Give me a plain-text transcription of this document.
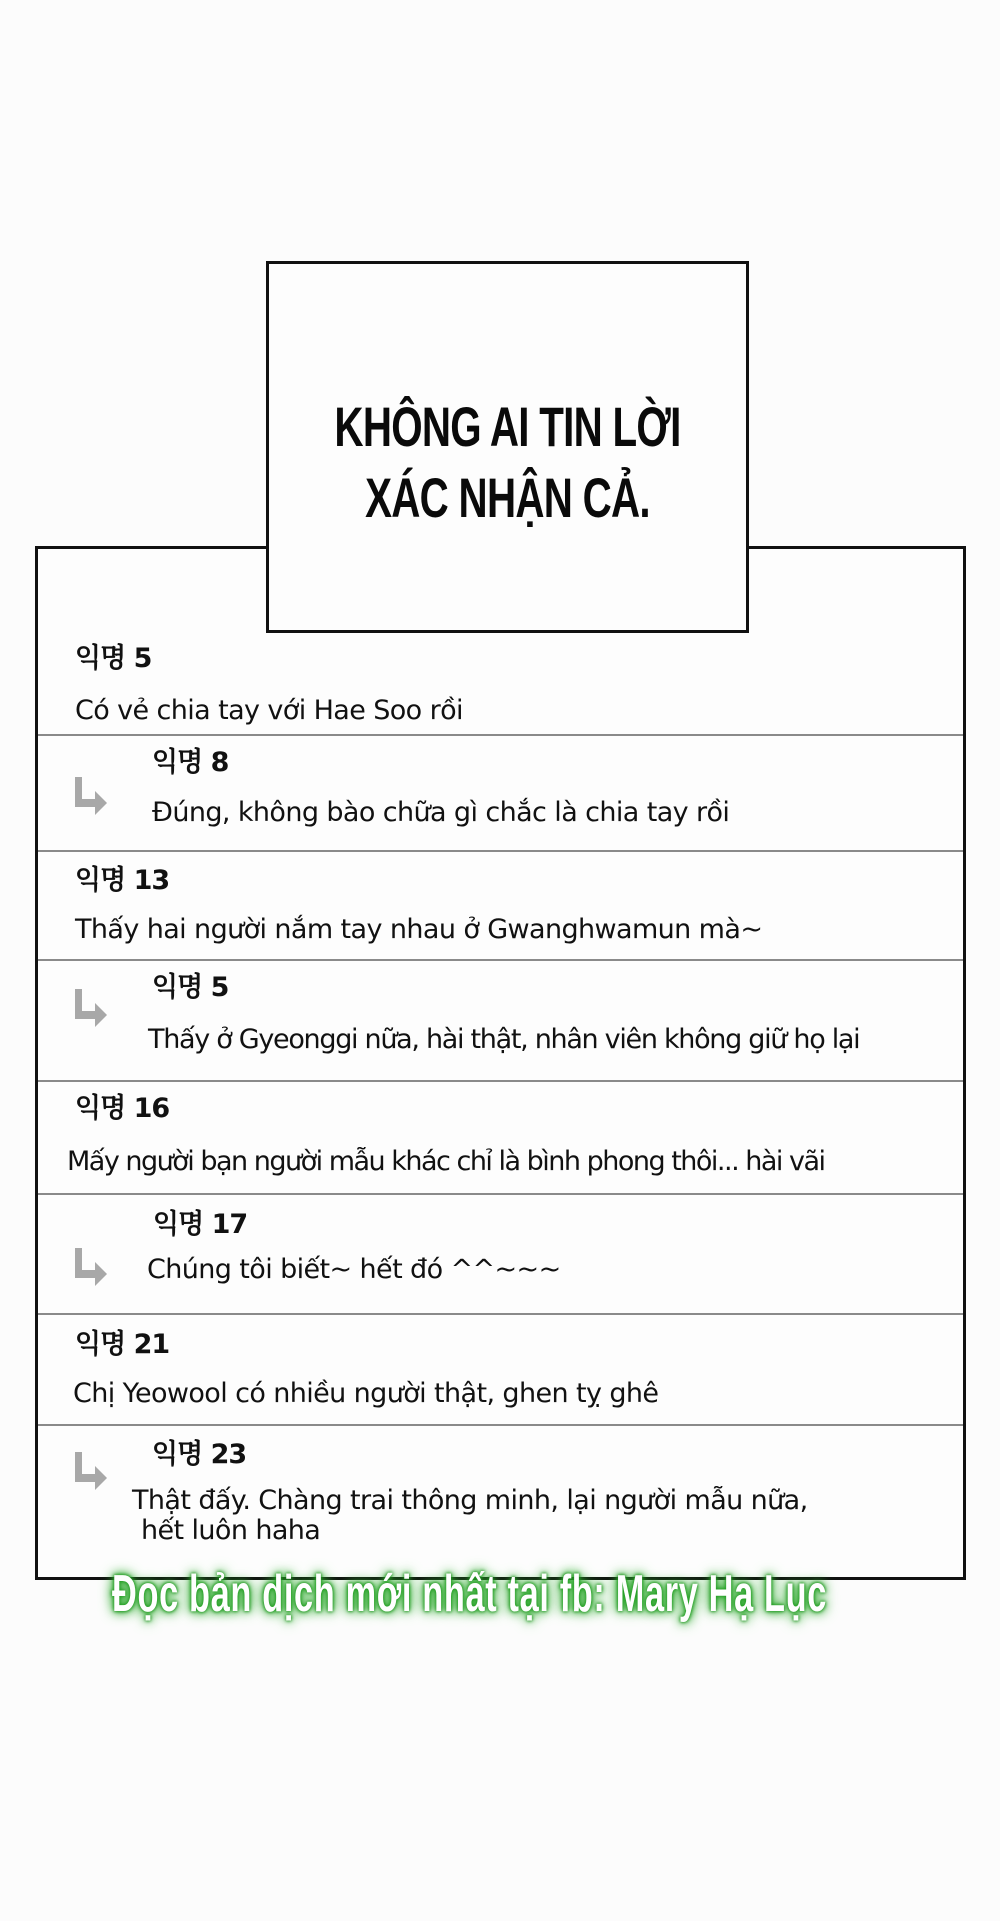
KHÔNG AI TIN LỜI
XÁC NHẬN CẢ.
익명 5
Có vẻ chia tay với Hae Soo rồi
익명 8
Đúng, không bào chữa gì chắc là chia tay rồi
익명 13
Thấy hai người nắm tay nhau ở Gwanghwamun mà~
익명 5
Thấy ở Gyeonggi nữa, hài thật, nhân viên không giữ họ lại
익명 16
Mấy người bạn người mẫu khác chỉ là bình phong thôi... hài vãi
익명 17
Chúng tôi biết~ hết đó ^^~~~
익명 21
Chị Yeowool có nhiều người thật, ghen tỵ ghê
익명 23
Thật đấy. Chàng trai thông minh, lại người mẫu nữa,
hết luôn haha
Đọc bản dịch mới nhất tại fb: Mary Hạ Lục
